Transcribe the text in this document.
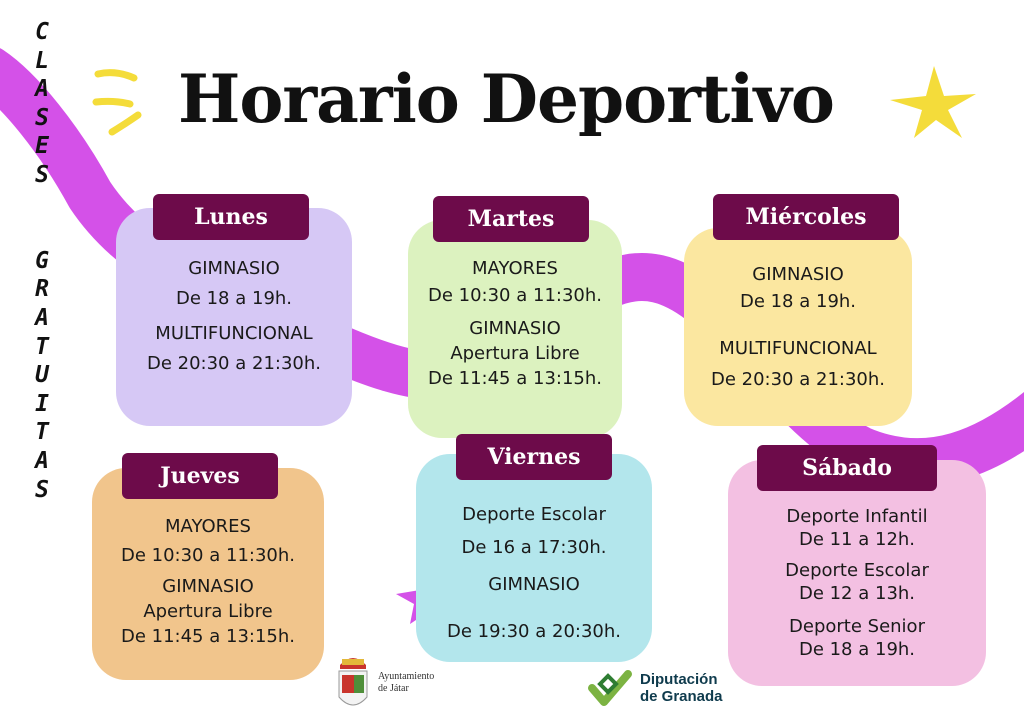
C
L
A
S
E
S
G
R
A
T
U
I
T
A
S
Horario Deportivo
GIMNASIO
De 18 a 19h.
MULTIFUNCIONAL
De 20:30 a 21:30h.
Lunes
MAYORES
De 10:30 a 11:30h.
GIMNASIO
Apertura Libre
De 11:45 a 13:15h.
Martes
GIMNASIO
De 18 a 19h.
MULTIFUNCIONAL
De 20:30 a 21:30h.
Miércoles
MAYORES
De 10:30 a 11:30h.
GIMNASIO
Apertura Libre
De 11:45 a 13:15h.
Jueves
Deporte Escolar
De 16 a 17:30h.
GIMNASIO
De 19:30 a 20:30h.
Viernes
Deporte Infantil
De 11 a 12h.
Deporte Escolar
De 12 a 13h.
Deporte Senior
De 18 a 19h.
Sábado
Ayuntamiento
de Játar
Diputación
de Granada
